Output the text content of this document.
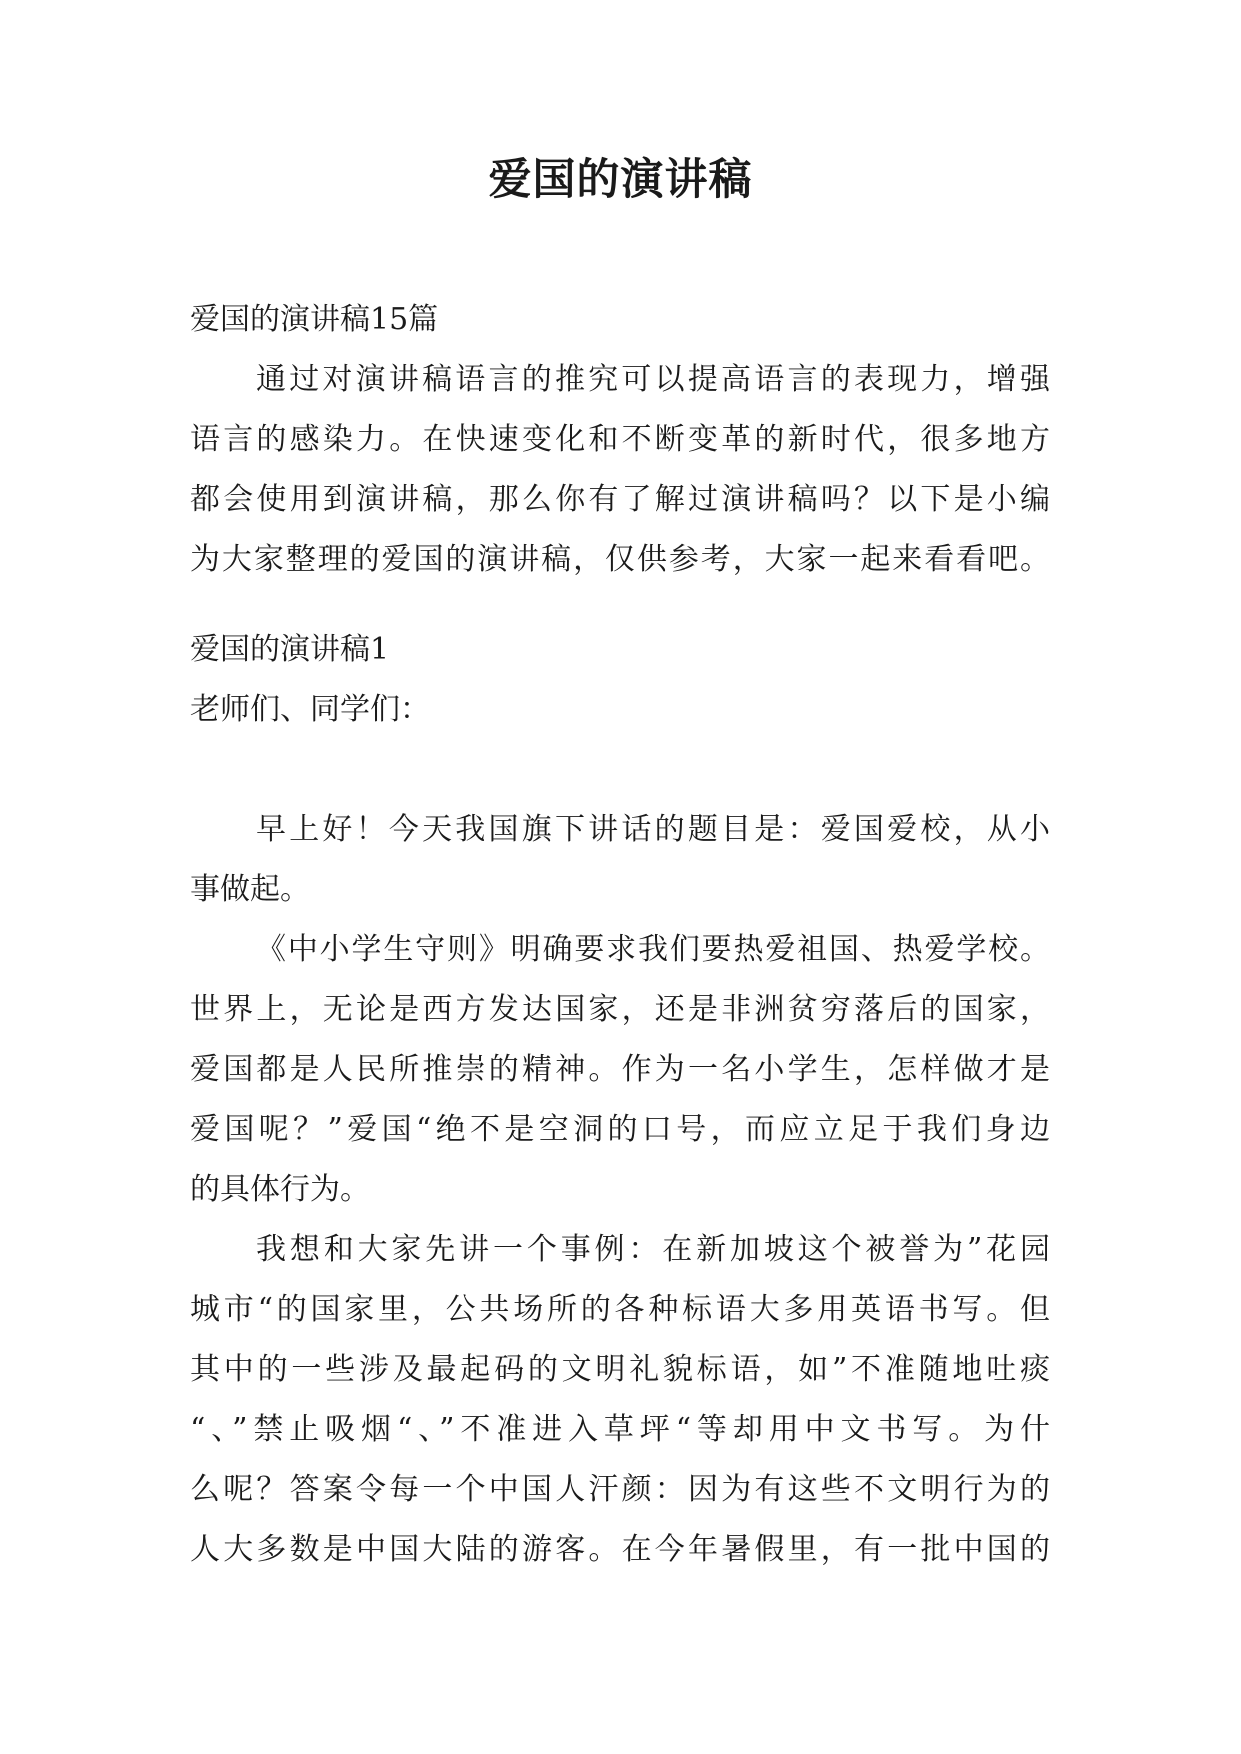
爱国的演讲稿
爱国的演讲稿15篇
通过对演讲稿语言的推究可以提高语言的表现力，增强
语言的感染力。在快速变化和不断变革的新时代，很多地方
都会使用到演讲稿，那么你有了解过演讲稿吗？以下是小编
为大家整理的爱国的演讲稿，仅供参考，大家一起来看看吧。
爱国的演讲稿1
老师们、同学们：
早上好！今天我国旗下讲话的题目是：爱国爱校，从小
事做起。
《中小学生守则》明确要求我们要热爱祖国、热爱学校。
世界上，无论是西方发达国家，还是非洲贫穷落后的国家，
爱国都是人民所推崇的精神。作为一名小学生，怎样做才是
爱国呢？”爱国“绝不是空洞的口号，而应立足于我们身边
的具体行为。
我想和大家先讲一个事例：在新加坡这个被誉为”花园
城市“的国家里，公共场所的各种标语大多用英语书写。但
其中的一些涉及最起码的文明礼貌标语，如”不准随地吐痰
“、”禁止吸烟“、”不准进入草坪“等却用中文书写。为什
么呢？答案令每一个中国人汗颜：因为有这些不文明行为的
人大多数是中国大陆的游客。在今年暑假里，有一批中国的
